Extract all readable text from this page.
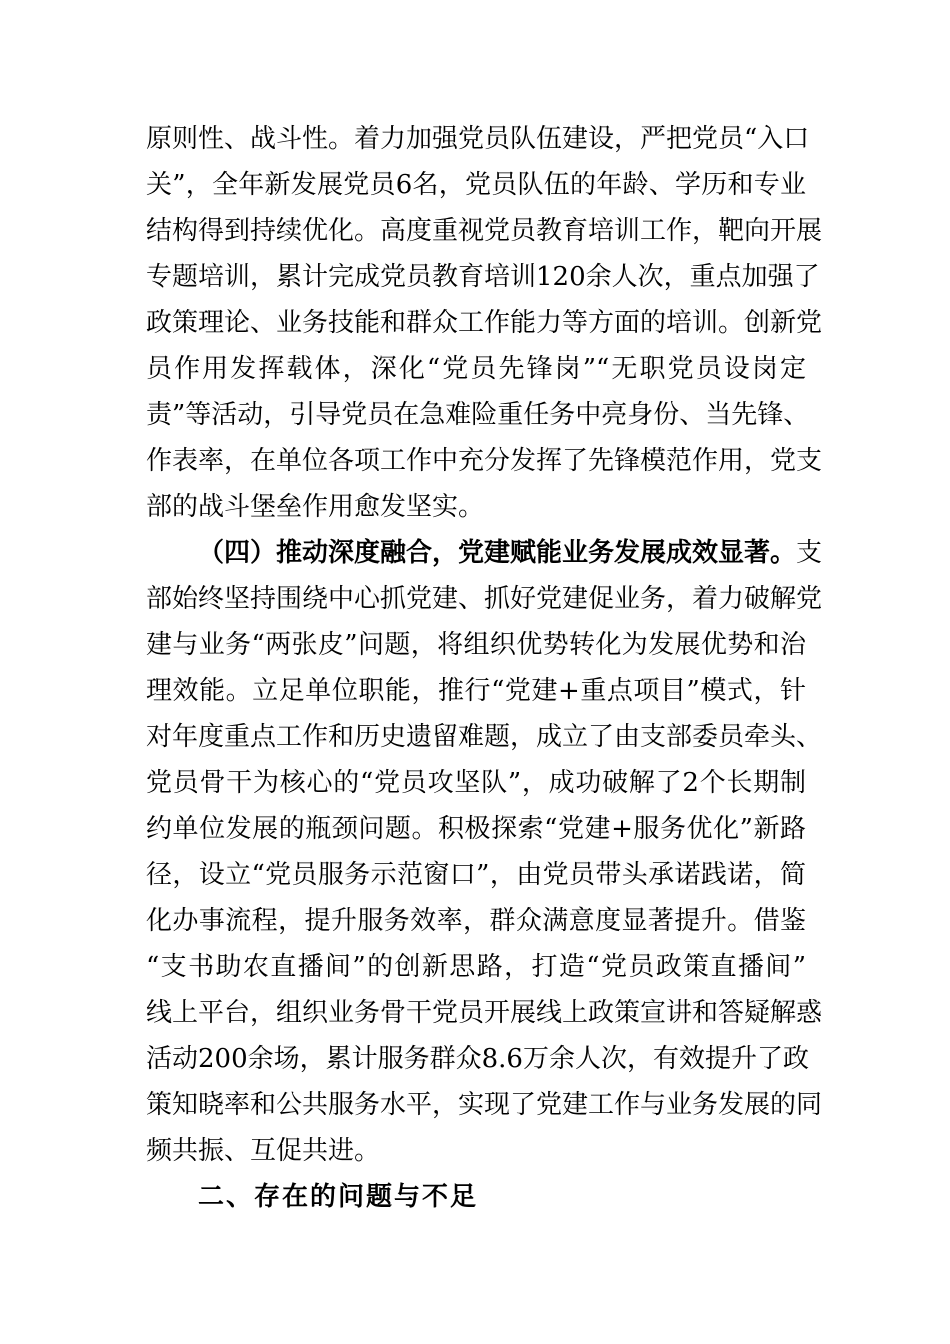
原则性、战斗性。着力加强党员队伍建设，严把党员“入口
关”，全年新发展党员6名，党员队伍的年龄、学历和专业
结构得到持续优化。高度重视党员教育培训工作，靶向开展
专题培训，累计完成党员教育培训120余人次，重点加强了
政策理论、业务技能和群众工作能力等方面的培训。创新党
员作用发挥载体，深化“党员先锋岗”“无职党员设岗定
责”等活动，引导党员在急难险重任务中亮身份、当先锋、
作表率，在单位各项工作中充分发挥了先锋模范作用，党支
部的战斗堡垒作用愈发坚实。
（四）推动深度融合，党建赋能业务发展成效显著。支
部始终坚持围绕中心抓党建、抓好党建促业务，着力破解党
建与业务“两张皮”问题，将组织优势转化为发展优势和治
理效能。立足单位职能，推行“党建+重点项目”模式，针
对年度重点工作和历史遗留难题，成立了由支部委员牵头、
党员骨干为核心的“党员攻坚队”，成功破解了2个长期制
约单位发展的瓶颈问题。积极探索“党建+服务优化”新路
径，设立“党员服务示范窗口”，由党员带头承诺践诺，简
化办事流程，提升服务效率，群众满意度显著提升。借鉴
“支书助农直播间”的创新思路，打造“党员政策直播间”
线上平台，组织业务骨干党员开展线上政策宣讲和答疑解惑
活动200余场，累计服务群众8.6万余人次，有效提升了政
策知晓率和公共服务水平，实现了党建工作与业务发展的同
频共振、互促共进。
二、存在的问题与不足
